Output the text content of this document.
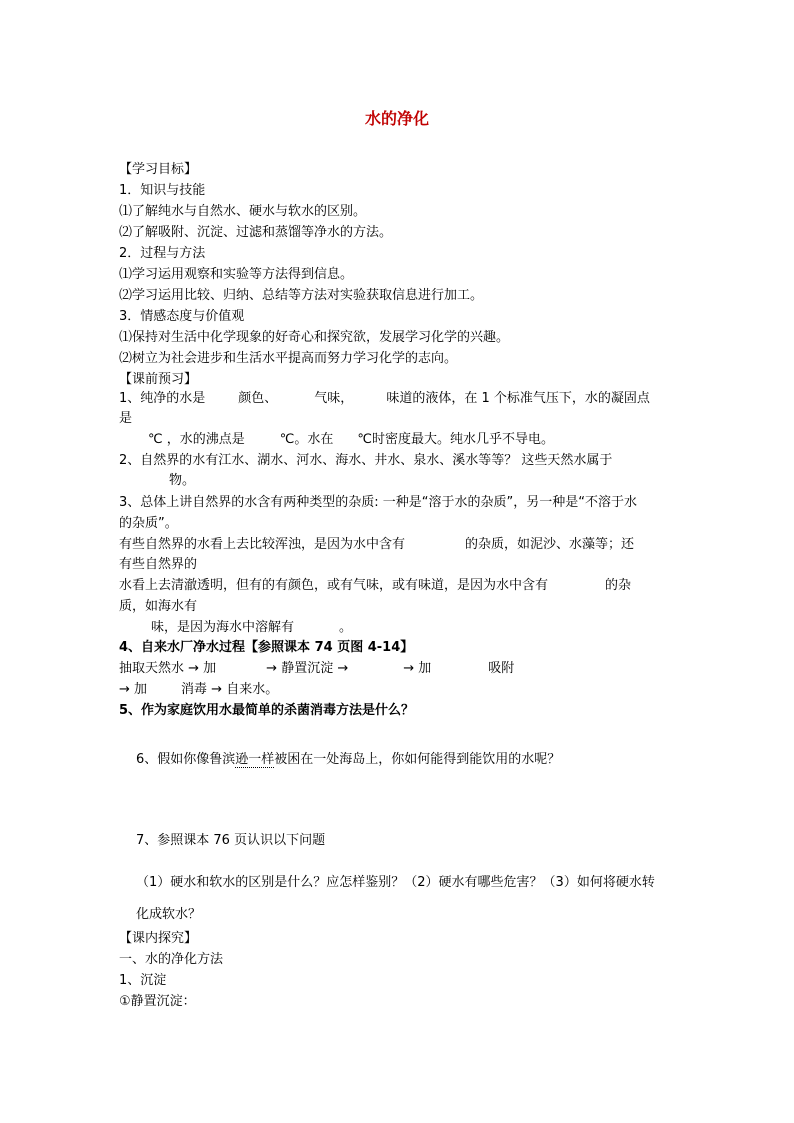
水的净化
【学习目标】
1．知识与技能
⑴了解纯水与自然水、硬水与软水的区别。
⑵了解吸附、沉淀、过滤和蒸馏等净水的方法。
2．过程与方法
⑴学习运用观察和实验等方法得到信息。
⑵学习运用比较、归纳、总结等方法对实验获取信息进行加工。
3．情感态度与价值观
⑴保持对生活中化学现象的好奇心和探究欲，发展学习化学的兴趣。
⑵树立为社会进步和生活水平提高而努力学习化学的志向。
【课前预习】
1、纯净的水是	颜色、	气味，	味道的液体，在 1 个标准气压下，水的凝固点
是
℃ ，水的沸点是	℃。水在 ℃时密度最大。纯水几乎不导电。
2、自然界的水有江水、湖水、河水、海水、井水、泉水、溪水等等？ 这些天然水属于
物。
3、总体上讲自然界的水含有两种类型的杂质: 一种是“溶于水的杂质”，另一种是“不溶于水
的杂质”。
有些自然界的水看上去比较浑浊，是因为水中含有	的杂质，如泥沙、水藻等；还
有些自然界的
水看上去清澈透明，但有的有颜色，或有气味，或有味道，是因为水中含有	的杂
质，如海水有
味，是因为海水中溶解有	。
4、自来水厂净水过程【参照课本 74 页图 4-14】
抽取天然水 → 加	→ 静置沉淀 →	→ 加	吸附
→ 加	消毒 → 自来水。
5、作为家庭饮用水最简单的杀菌消毒方法是什么？
6、假如你像鲁滨逊一样被困在一处海岛上，你如何能得到能饮用的水呢？
7、参照课本 76 页认识以下问题
（1）硬水和软水的区别是什么？应怎样鉴别？（2）硬水有哪些危害？（3）如何将硬水转
化成软水？
【课内探究】
一、水的净化方法
1、沉淀
①静置沉淀：
